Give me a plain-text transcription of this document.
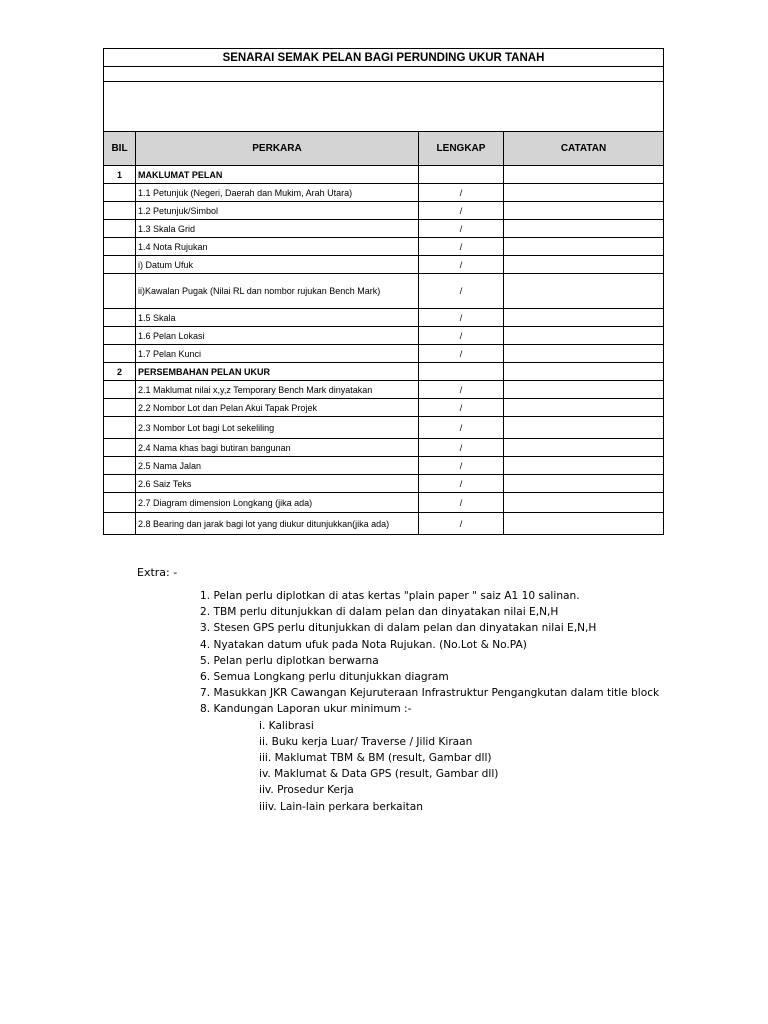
SENARAI SEMAK PELAN BAGI PERUNDING UKUR TANAH			

BIL	PERKARA	LENGKAP	CATATAN
1	MAKLUMAT PELAN		
	1.1 Petunjuk (Negeri, Daerah dan Mukim, Arah Utara)	/	
	1.2 Petunjuk/Simbol	/	
	1.3 Skala Grid	/	
	1.4 Nota Rujukan	/	
	i) Datum Ufuk	/	
	ii)Kawalan Pugak (Nilai RL dan nombor rujukan Bench Mark)	/	
	1.5 Skala	/	
	1.6 Pelan Lokasi	/	
	1.7 Pelan Kunci	/	
2	PERSEMBAHAN PELAN UKUR		
	2.1 Maklumat nilai x,y,z Temporary Bench Mark dinyatakan	/	
	2.2 Nombor Lot dan Pelan Akui Tapak Projek	/	
	2.3 Nombor Lot bagi Lot sekeliling	/	
	2.4 Nama khas bagi butiran bangunan	/	
	2.5 Nama Jalan	/	
	2.6 Saiz Teks	/	
	2.7 Diagram dimension Longkang (jika ada)	/	
	2.8 Bearing dan jarak bagi lot yang diukur ditunjukkan(jika ada)	/	
Extra: -
1. Pelan perlu diplotkan di atas kertas "plain paper " saiz A1 10 salinan.
2. TBM perlu ditunjukkan di dalam pelan dan dinyatakan nilai E,N,H
3. Stesen GPS perlu ditunjukkan di dalam pelan dan dinyatakan nilai E,N,H
4. Nyatakan datum ufuk pada Nota Rujukan. (No.Lot & No.PA)
5. Pelan perlu diplotkan berwarna
6. Semua Longkang perlu ditunjukkan diagram
7. Masukkan JKR Cawangan Kejuruteraan Infrastruktur Pengangkutan dalam title block
8. Kandungan Laporan ukur minimum :-
i. Kalibrasi
ii. Buku kerja Luar/ Traverse / Jilid Kiraan
iii. Maklumat TBM & BM (result, Gambar dll)
iv. Maklumat & Data GPS (result, Gambar dll)
iiv. Prosedur Kerja
iiiv. Lain-lain perkara berkaitan
